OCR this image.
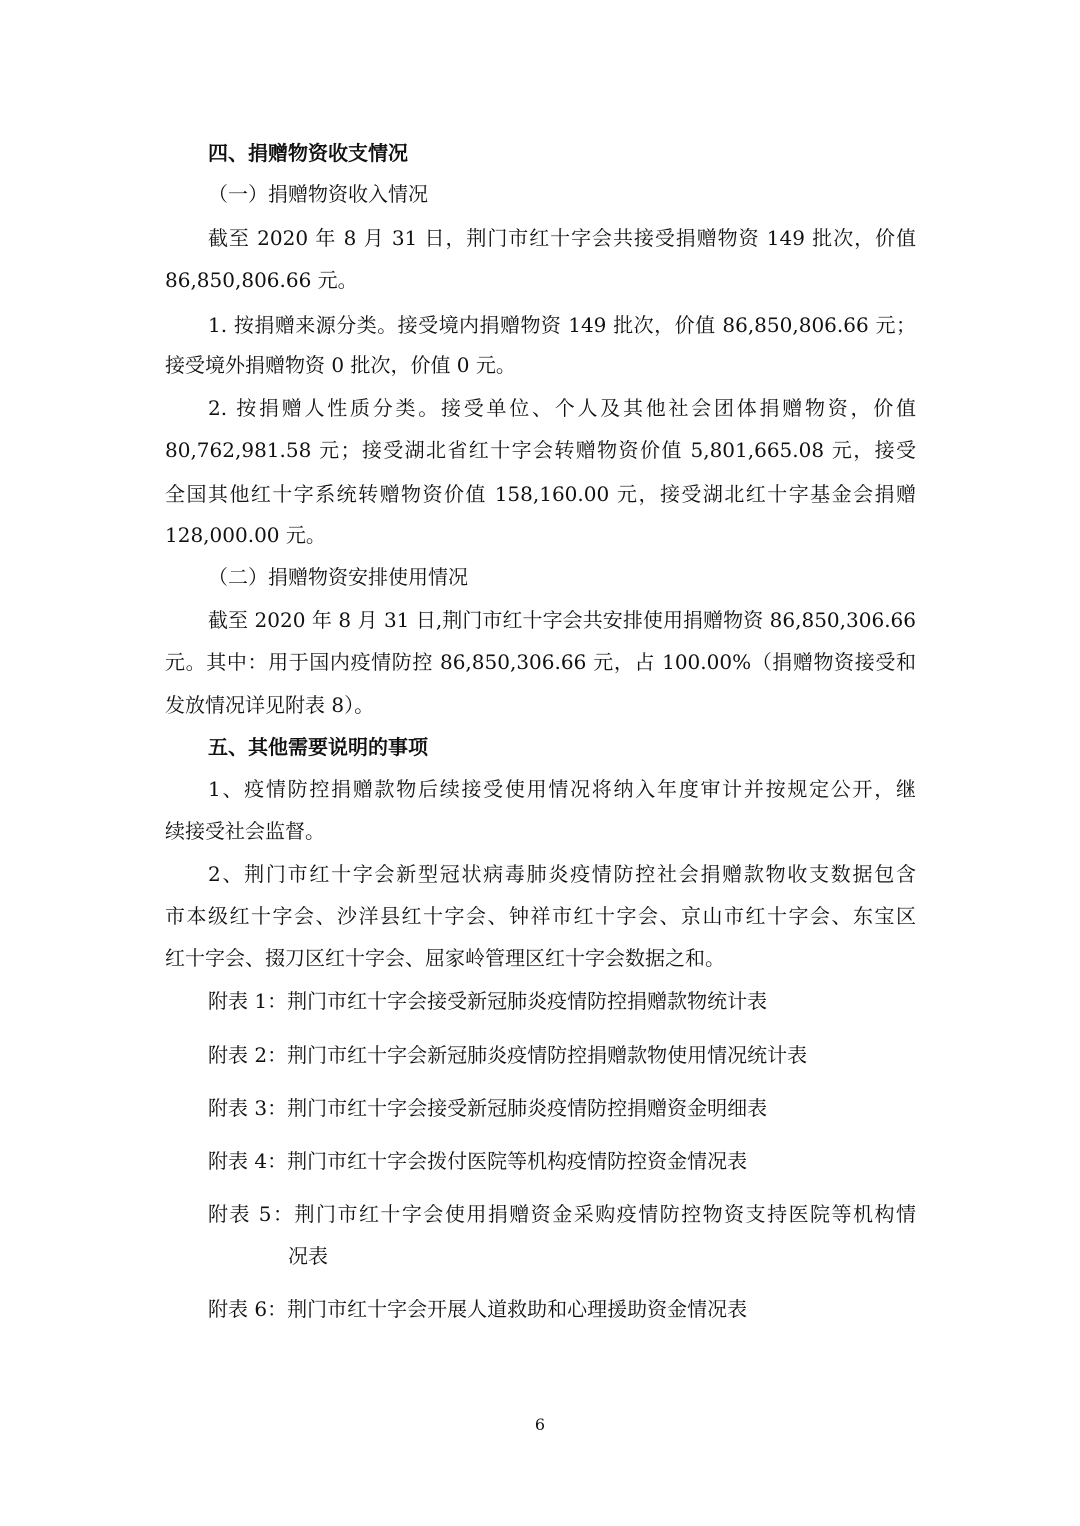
四、捐赠物资收支情况
（一）捐赠物资收入情况
截至 2020 年 8 月 31 日，荆门市红十字会共接受捐赠物资 149 批次，价值
86,850,806.66 元。
1. 按捐赠来源分类。接受境内捐赠物资 149 批次，价值 86,850,806.66 元；
接受境外捐赠物资 0 批次，价值 0 元。
2. 按捐赠人性质分类。接受单位、个人及其他社会团体捐赠物资，价值
80,762,981.58 元；接受湖北省红十字会转赠物资价值 5,801,665.08 元，接受
全国其他红十字系统转赠物资价值 158,160.00 元，接受湖北红十字基金会捐赠
128,000.00 元。
（二）捐赠物资安排使用情况
截至 2020 年 8 月 31 日,荆门市红十字会共安排使用捐赠物资 86,850,306.66
元。其中：用于国内疫情防控 86,850,306.66 元，占 100.00%（捐赠物资接受和
发放情况详见附表 8）。
五、其他需要说明的事项
1、疫情防控捐赠款物后续接受使用情况将纳入年度审计并按规定公开，继
续接受社会监督。
2、荆门市红十字会新型冠状病毒肺炎疫情防控社会捐赠款物收支数据包含
市本级红十字会、沙洋县红十字会、钟祥市红十字会、京山市红十字会、东宝区
红十字会、掇刀区红十字会、屈家岭管理区红十字会数据之和。
附表 1：荆门市红十字会接受新冠肺炎疫情防控捐赠款物统计表
附表 2：荆门市红十字会新冠肺炎疫情防控捐赠款物使用情况统计表
附表 3：荆门市红十字会接受新冠肺炎疫情防控捐赠资金明细表
附表 4：荆门市红十字会拨付医院等机构疫情防控资金情况表
附表 5：荆门市红十字会使用捐赠资金采购疫情防控物资支持医院等机构情
况表
附表 6：荆门市红十字会开展人道救助和心理援助资金情况表
6
